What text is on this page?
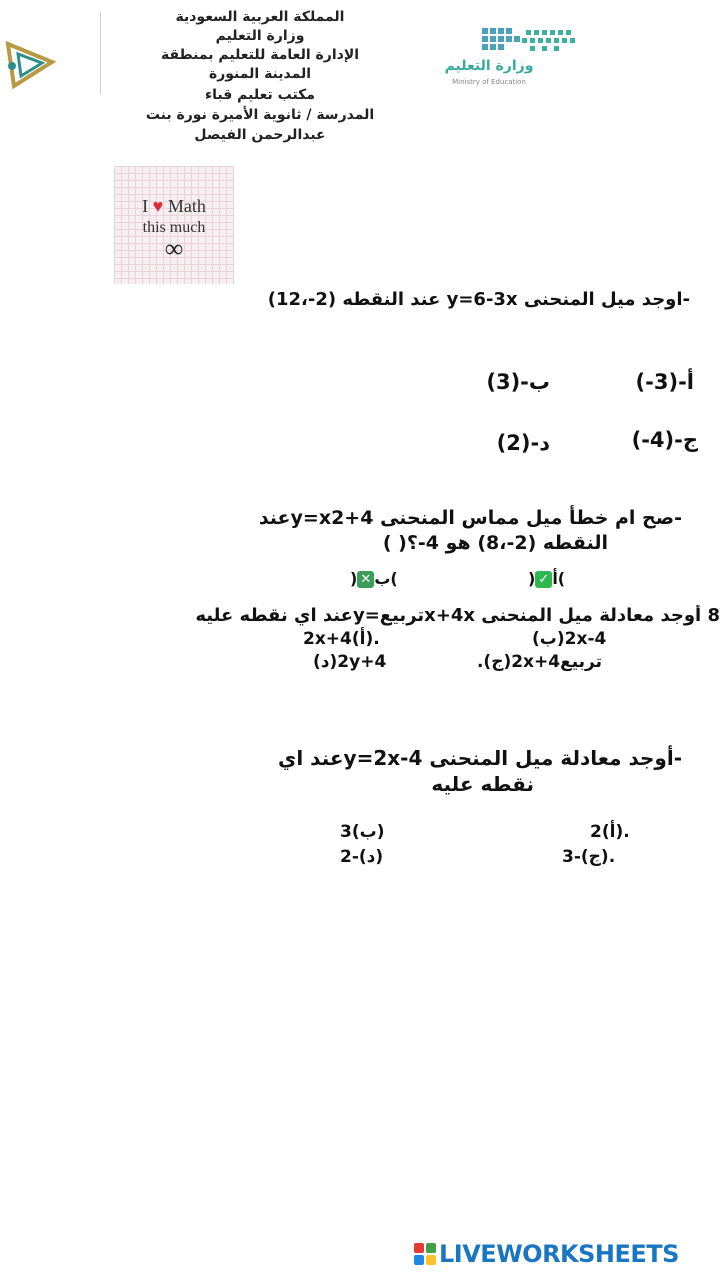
المملكة العربية السعودية
وزارة التعليم
الإدارة العامة للتعليم بمنطقة
المدينة المنورة
مكتب تعليم قباء
المدرسة / ثانوية الأميرة نورة بنت
عبدالرحمن الفيصل
وزارة التعليم
Ministry of Education
I ♥ Math
this much
∞
-اوجد ميل المنحنى y=6-3x عند النقطه (2-،12)
أ-(3-)
ب-(3)
ج-(4-)
د-(2)
-صح ام خطأ ميل مماس المنحنى y=x2+4عند
النقطه (2-،8) هو 4-؟( )
) ✓ أ(
) ✕ ب(
8 أوجد معادلة ميل المنحنى x+4xتربيع=yعند اي نقطه عليه
2x+4(أ).	(ب)2x-4
تربيع2x+4(ج).
(د)2y+4
-أوجد معادلة ميل المنحنى y=2x-4عند اي
نقطه عليه
2(أ).
3(ب)
3-(ج).
2-(د)
LIVEWORKSHEETS
